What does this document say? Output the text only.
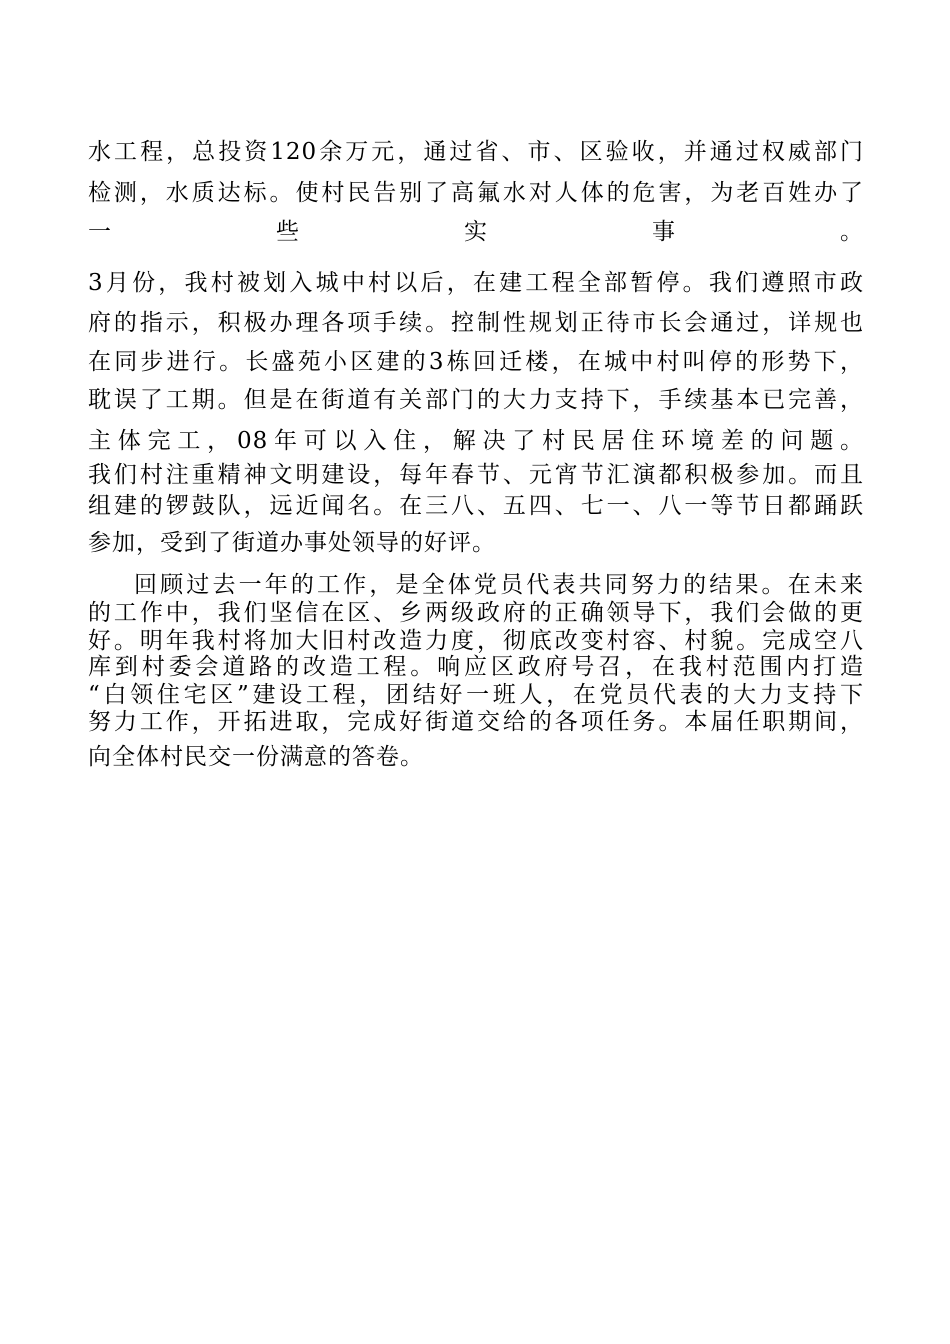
水工程，总投资120余万元，通过省、市、区验收，并通过权威部门
检测，水质达标。使村民告别了高氟水对人体的危害，为老百姓办了
一　　　　　　些　　　　　　实　　　　　　事　　　　　　。
3月份，我村被划入城中村以后，在建工程全部暂停。我们遵照市政
府的指示，积极办理各项手续。控制性规划正待市长会通过，详规也
在同步进行。长盛苑小区建的3栋回迁楼，在城中村叫停的形势下，
耽误了工期。但是在街道有关部门的大力支持下，手续基本已完善，
主体完工，08年可以入住，解决了村民居住环境差的问题。
我们村注重精神文明建设，每年春节、元宵节汇演都积极参加。而且
组建的锣鼓队，远近闻名。在三八、五四、七一、八一等节日都踊跃
参加，受到了街道办事处领导的好评。
回顾过去一年的工作，是全体党员代表共同努力的结果。在未来
的工作中，我们坚信在区、乡两级政府的正确领导下，我们会做的更
好。明年我村将加大旧村改造力度，彻底改变村容、村貌。完成空八
库到村委会道路的改造工程。响应区政府号召，在我村范围内打造
“白领住宅区”建设工程，团结好一班人，在党员代表的大力支持下
努力工作，开拓进取，完成好街道交给的各项任务。本届任职期间，
向全体村民交一份满意的答卷。
